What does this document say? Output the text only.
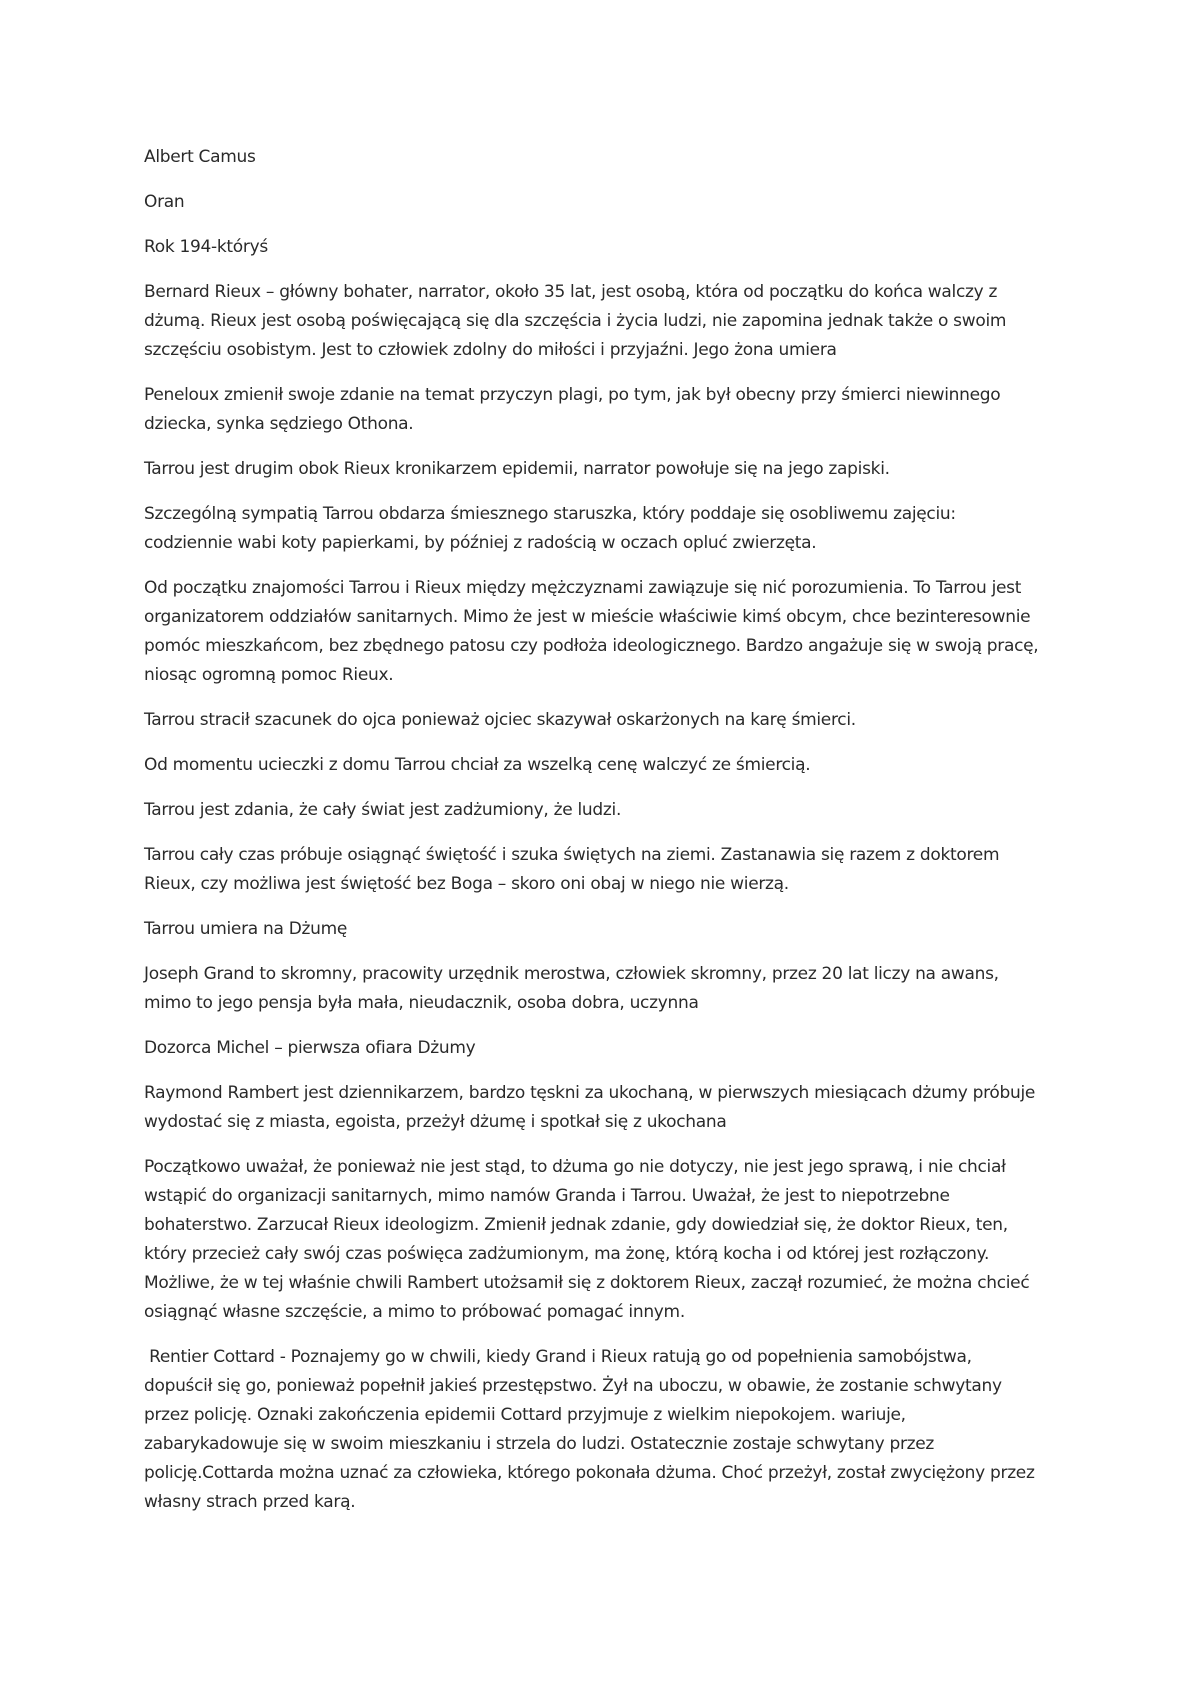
Albert Camus

Oran

Rok 194-któryś

Bernard Rieux – główny bohater, narrator, około 35 lat, jest osobą, która od początku do końca walczy z dżumą. Rieux jest osobą poświęcającą się dla szczęścia i życia ludzi, nie zapomina jednak także o swoim szczęściu osobistym. Jest to człowiek zdolny do miłości i przyjaźni. Jego żona umiera

Peneloux zmienił swoje zdanie na temat przyczyn plagi, po tym, jak był obecny przy śmierci niewinnego dziecka, synka sędziego Othona.

Tarrou jest drugim obok Rieux kronikarzem epidemii, narrator powołuje się na jego zapiski.

Szczególną sympatią Tarrou obdarza śmiesznego staruszka, który poddaje się osobliwemu zajęciu: codziennie wabi koty papierkami, by później z radością w oczach opluć zwierzęta.

Od początku znajomości Tarrou i Rieux między mężczyznami zawiązuje się nić porozumienia. To Tarrou jest organizatorem oddziałów sanitarnych. Mimo że jest w mieście właściwie kimś obcym, chce bezinteresownie pomóc mieszkańcom, bez zbędnego patosu czy podłoża ideologicznego. Bardzo angażuje się w swoją pracę, niosąc ogromną pomoc Rieux.

Tarrou stracił szacunek do ojca ponieważ ojciec skazywał oskarżonych na karę śmierci.

Od momentu ucieczki z domu Tarrou chciał za wszelką cenę walczyć ze śmiercią.

Tarrou jest zdania, że cały świat jest zadżumiony, że ludzi.

Tarrou cały czas próbuje osiągnąć świętość i szuka świętych na ziemi. Zastanawia się razem z doktorem Rieux, czy możliwa jest świętość bez Boga – skoro oni obaj w niego nie wierzą.

Tarrou umiera na Dżumę

Joseph Grand to skromny, pracowity urzędnik merostwa, człowiek skromny, przez 20 lat liczy na awans, mimo to jego pensja była mała, nieudacznik, osoba dobra, uczynna

Dozorca Michel – pierwsza ofiara Dżumy

Raymond Rambert jest dziennikarzem, bardzo tęskni za ukochaną, w pierwszych miesiącach dżumy próbuje wydostać się z miasta, egoista, przeżył dżumę i spotkał się z ukochana

Początkowo uważał, że ponieważ nie jest stąd, to dżuma go nie dotyczy, nie jest jego sprawą, i nie chciał wstąpić do organizacji sanitarnych, mimo namów Granda i Tarrou. Uważał, że jest to niepotrzebne bohaterstwo. Zarzucał Rieux ideologizm. Zmienił jednak zdanie, gdy dowiedział się, że doktor Rieux, ten, który przecież cały swój czas poświęca zadżumionym, ma żonę, którą kocha i od której jest rozłączony. Możliwe, że w tej właśnie chwili Rambert utożsamił się z doktorem Rieux, zaczął rozumieć, że można chcieć osiągnąć własne szczęście, a mimo to próbować pomagać innym.

Rentier Cottard - Poznajemy go w chwili, kiedy Grand i Rieux ratują go od popełnienia samobójstwa, dopuścił się go, ponieważ popełnił jakieś przestępstwo. Żył na uboczu, w obawie, że zostanie schwytany przez policję. Oznaki zakończenia epidemii Cottard przyjmuje z wielkim niepokojem. wariuje, zabarykadowuje się w swoim mieszkaniu i strzela do ludzi. Ostatecznie zostaje schwytany przez policję.Cottarda można uznać za człowieka, którego pokonała dżuma. Choć przeżył, został zwyciężony przez własny strach przed karą.
